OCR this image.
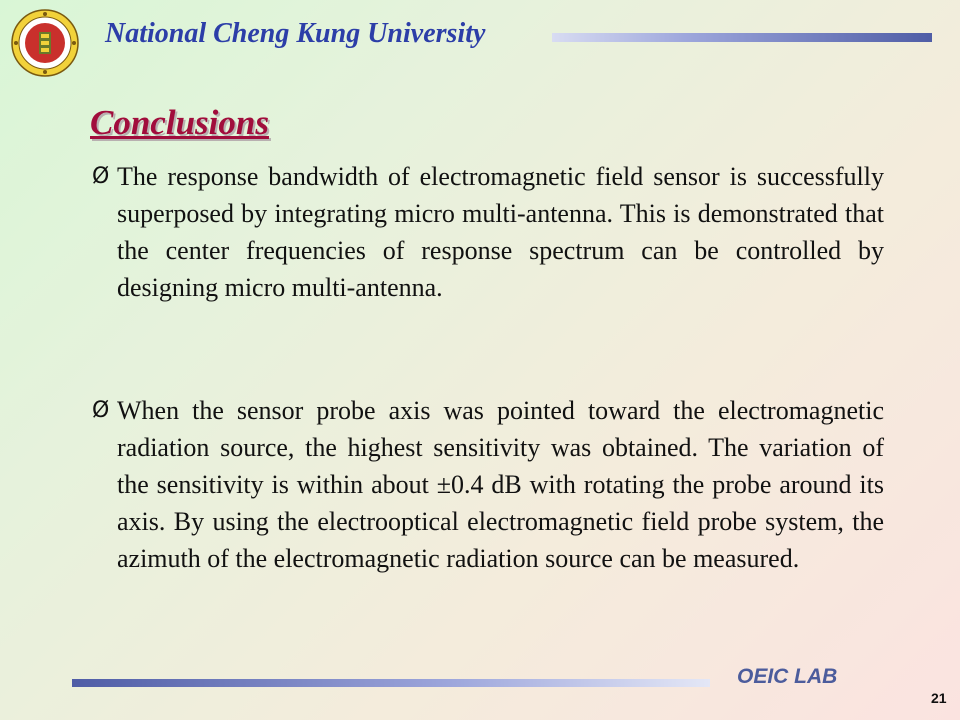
National Cheng Kung University
Conclusions

Ø The response bandwidth of electromagnetic field sensor is successfully superposed by integrating micro multi-antenna. This is demonstrated that the center frequencies of response spectrum can be controlled by designing micro multi-antenna.

Ø When the sensor probe axis was pointed toward the electromagnetic radiation source, the highest sensitivity was obtained. The variation of the sensitivity is within about ±0.4 dB with rotating the probe around its axis. By using the electrooptical electromagnetic field probe system, the azimuth of the electromagnetic radiation source can be measured.

OEIC LAB
21
